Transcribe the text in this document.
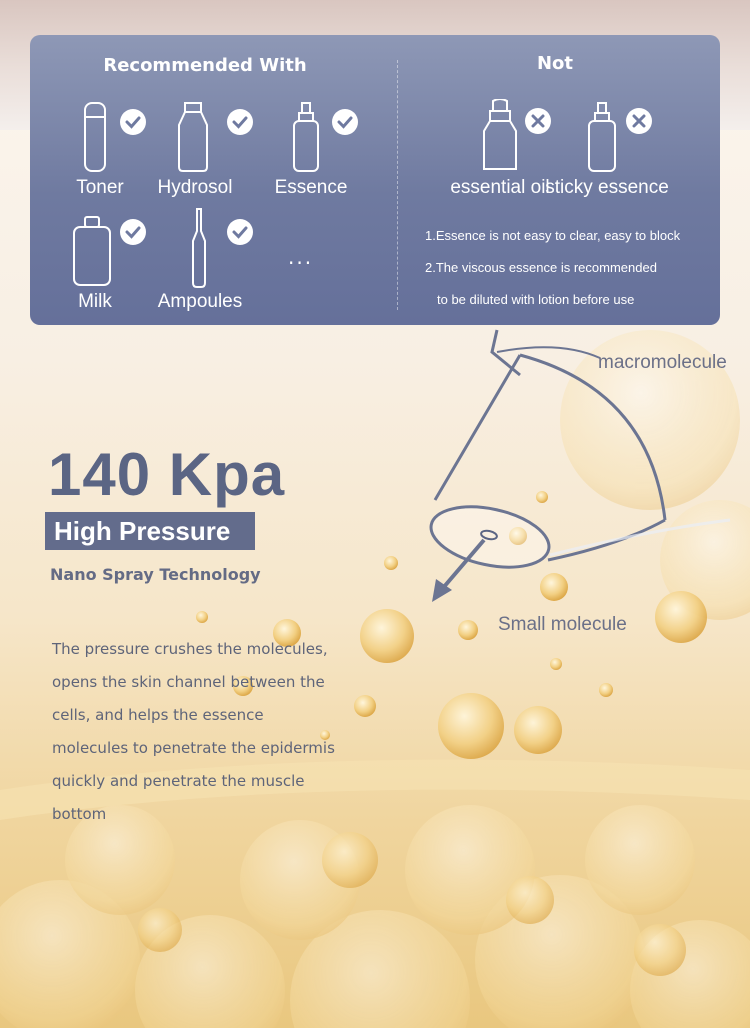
Recommended With	Not
Toner	Hydrosol	Essence
Milk	Ampoules
...
essential oil
sticky essence
1.Essence is not easy to clear, easy to block
2.The viscous essence is recommended
to be diluted with lotion before use
macromolecule
Small molecule
140 Kpa
High Pressure
Nano Spray Technology
The pressure crushes the molecules, opens the skin channel between the cells, and helps the essence molecules to penetrate the epidermis quickly and penetrate the muscle bottom
